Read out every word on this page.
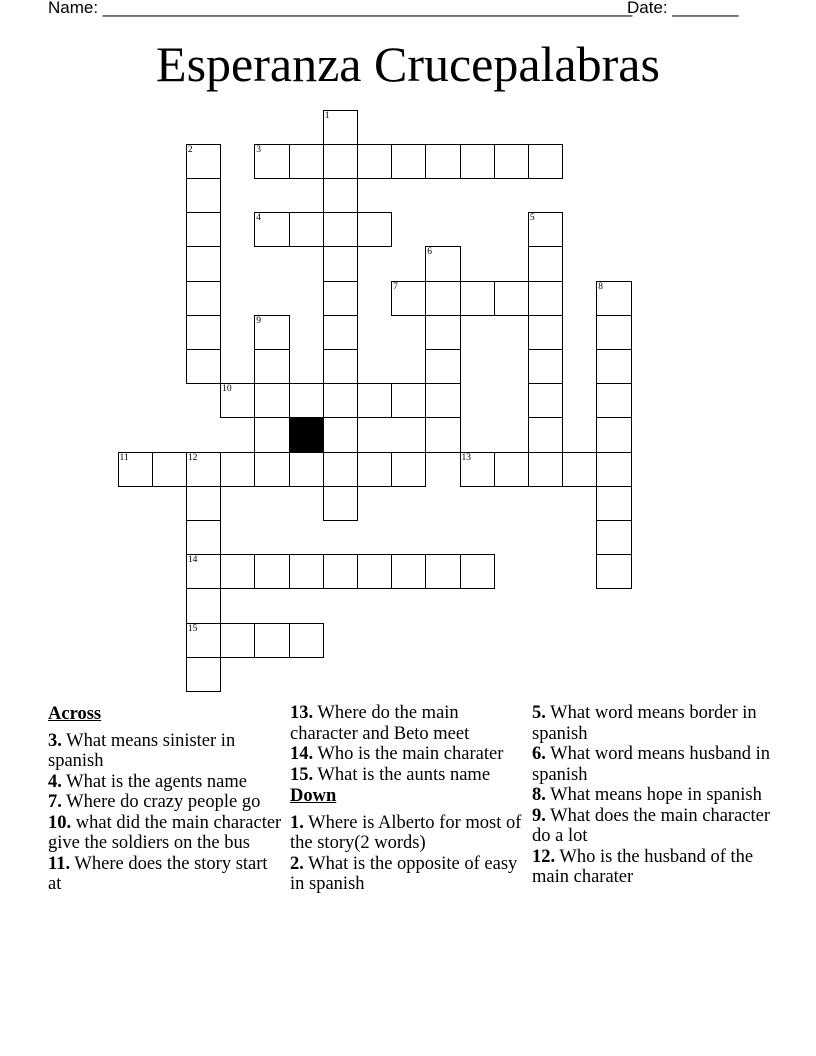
Name: ________________________________________________________
Date: _______
Esperanza Crucepalabras
1
2	3
4	5
6
7	8
9
10
11	12	13
14
15
Across
3. What means sinister in spanish
4. What is the agents name
7. Where do crazy people go
10. what did the main character give the soldiers on the bus
11. Where does the story start at
13. Where do the main character and Beto meet
14. Who is the main charater
15. What is the aunts name
Down
1. Where is Alberto for most of the story(2 words)
2. What is the opposite of easy in spanish
5. What word means border in spanish
6. What word means husband in spanish
8. What means hope in spanish
9. What does the main character do a lot
12. Who is the husband of the main charater
